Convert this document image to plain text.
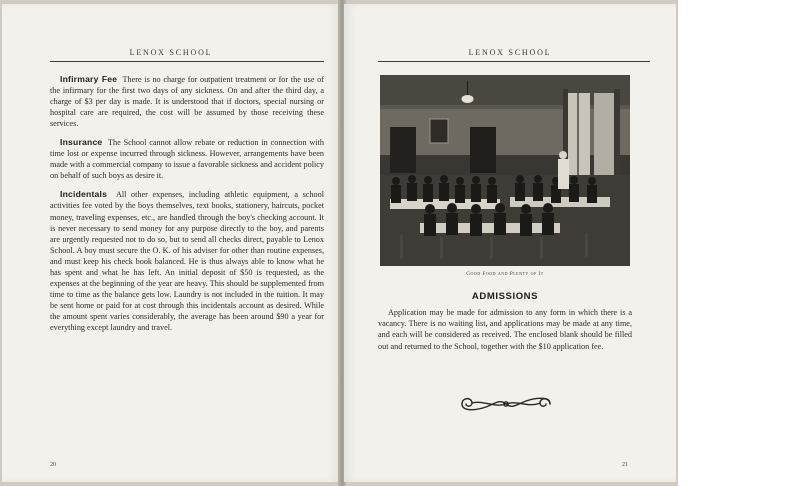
LENOX SCHOOL

Infirmary Fee There is no charge for outpatient treatment or for the use of the infirmary for the first two days of any sickness. On and after the third day, a charge of $3 per day is made. It is understood that if doctors, special nursing or hospital care are required, the cost will be assumed by those receiving these services.

Insurance The School cannot allow rebate or reduction in connection with time lost or expense incurred through sickness. However, arrangements have been made with a commercial company to issue a favorable sickness and accident policy on behalf of such boys as desire it.

Incidentals All other expenses, including athletic equipment, a school activities fee voted by the boys themselves, text books, stationery, haircuts, pocket money, traveling expenses, etc., are handled through the boy's checking account. It is never necessary to send money for any purpose directly to the boy, and parents are urgently requested not to do so, but to send all checks direct, payable to Lenox School. A boy must secure the O. K. of his adviser for other than routine expenses, and must keep his check book balanced. He is thus always able to know what he has spent and what he has left. An initial deposit of $50 is requested, as the expenses at the beginning of the year are heavy. This should be supplemented from time to time as the balance gets low. Laundry is not included in the tuition. It may be sent home or paid for at cost through this incidentals account as desired. While the amount spent varies considerably, the average has been around $90 a year for everything except laundry and travel.

20
LENOX SCHOOL
Good Food and Plenty of It
ADMISSIONS

Application may be made for admission to any form in which there is a vacancy. There is no waiting list, and applications may be made at any time, and each will be considered as received. The enclosed blank should be filled out and returned to the School, together with the $10 application fee.

21
